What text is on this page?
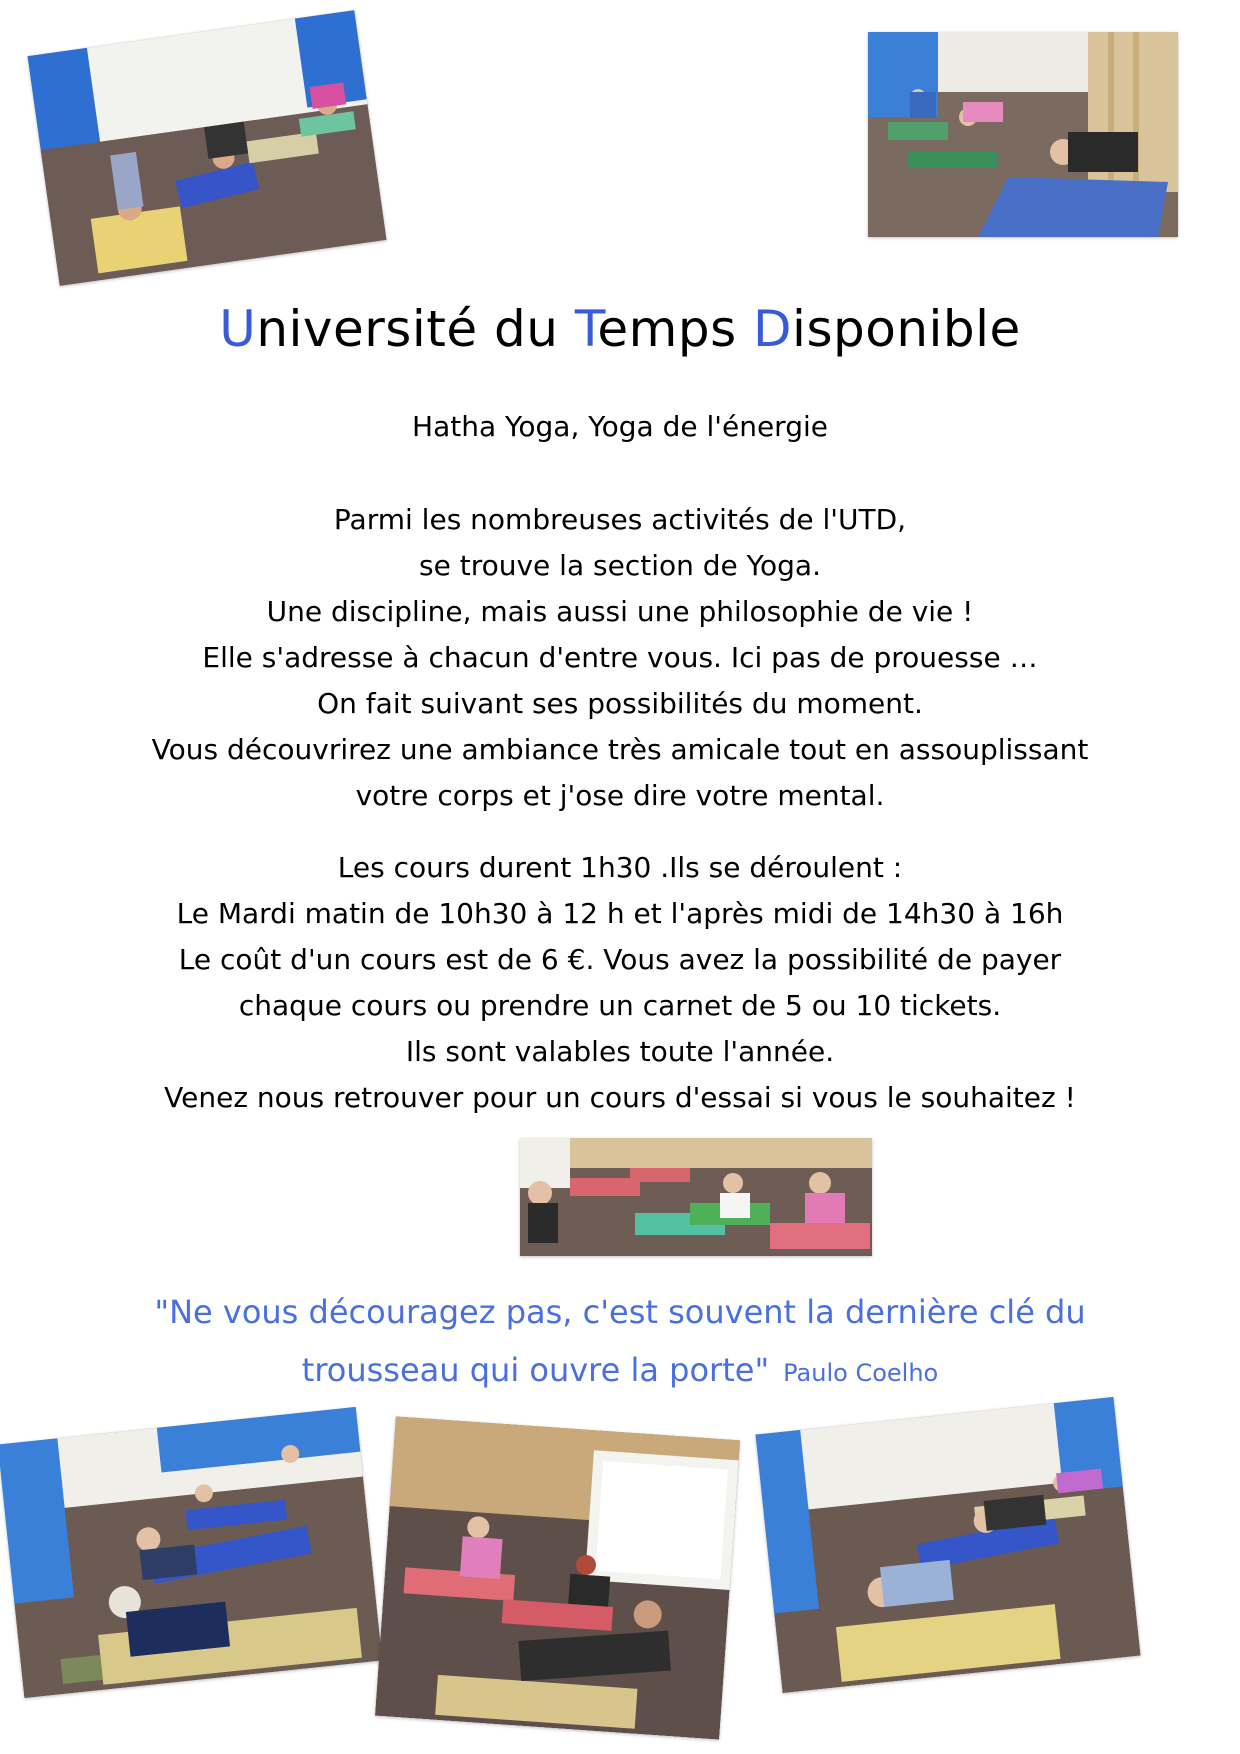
Université du Temps Disponible

Hatha Yoga, Yoga de l'énergie

Parmi les nombreuses activités de l'UTD,
se trouve la section de Yoga.
Une discipline, mais aussi une philosophie de vie !
Elle s'adresse à chacun d'entre vous. Ici pas de prouesse …
On fait suivant ses possibilités du moment.
Vous découvrirez une ambiance très amicale tout en assouplissant
votre corps et j'ose dire votre mental.

Les cours durent 1h30 .Ils se déroulent :
Le Mardi matin de 10h30 à 12 h et l'après midi de 14h30 à 16h
Le coût d'un cours est de 6 €. Vous avez la possibilité de payer
chaque cours ou prendre un carnet de 5 ou 10 tickets.
Ils sont valables toute l'année.
Venez nous retrouver pour un cours d'essai si vous le souhaitez !

"Ne vous découragez pas, c'est souvent la dernière clé du
trousseau qui ouvre la porte" Paulo Coelho
